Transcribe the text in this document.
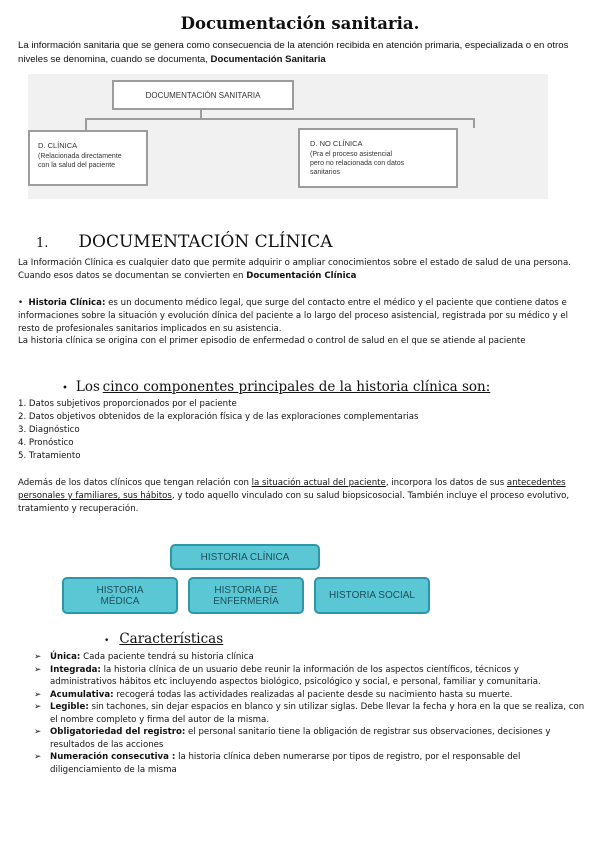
Documentación sanitaria.
La información sanitaria que se genera como consecuencia de la atención recibida en atención primaria, especializada o en otros niveles se denomina, cuando se documenta, Documentación Sanitaria
DOCUMENTACIÓN SANITARIA
D. CLÍNICA
(Relacionada directamente
con la salud del paciente
D. NO CLÍNICA
(Pra el proceso asistencial
pero no relacionada con datos
sanitarios
1. DOCUMENTACIÓN CLÍNICA
La Información Clínica es cualquier dato que permite adquirir o ampliar conocimientos sobre el estado de salud de una persona. Cuando esos datos se documentan se convierten en Documentación Clínica
•  Historia Clínica: es un documento médico legal, que surge del contacto entre el médico y el paciente que contiene datos e informaciones sobre la situación y evolución dínica del paciente a lo largo del proceso asistencial, registrada por su médico y el resto de profesionales sanitarios implicados en su asistencia.
La historia clínica se origina con el primer episodio de enfermedad o control de salud en el que se atiende al paciente
• Los cinco componentes principales de la historia clínica son:
1. Datos subjetivos proporcionados por el paciente
2. Datos objetivos obtenidos de la exploración física y de las exploraciones complementarias
3. Diagnóstico
4. Pronóstico
5. Tratamiento
Además de los datos clínicos que tengan relación con la situación actual del paciente, incorpora los datos de sus antecedentes personales y familiares, sus hábitos, y todo aquello vinculado con su salud biopsicosocial. También incluye el proceso evolutivo, tratamiento y recuperación.
HISTORIA CLÍNICA
HISTORIA
MÉDICA
HISTORIA DE
ENFERMERÍA	HISTORIA SOCIAL
• Características
➢ Única: Cada paciente tendrá su historia clínica
➢ Integrada: la historia clínica de un usuario debe reunir la información de los aspectos científicos, técnicos y administrativos hábitos etc incluyendo aspectos biológico, psicológico y social, e personal, familiar y comunitaria.
➢ Acumulativa: recogerá todas las actividades realizadas al paciente desde su nacimiento hasta su muerte.
➢ Legible: sin tachones, sin dejar espacios en blanco y sin utilizar siglas. Debe llevar la fecha y hora en la que se realiza, con el nombre completo y firma del autor de la misma.
➢ Obligatoriedad del registro: el personal sanitario tiene la obligación de registrar sus observaciones, decisiones y resultados de las acciones
➢ Numeración consecutiva : la historia clínica deben numerarse por tipos de registro, por el responsable del diligenciamiento de la misma
